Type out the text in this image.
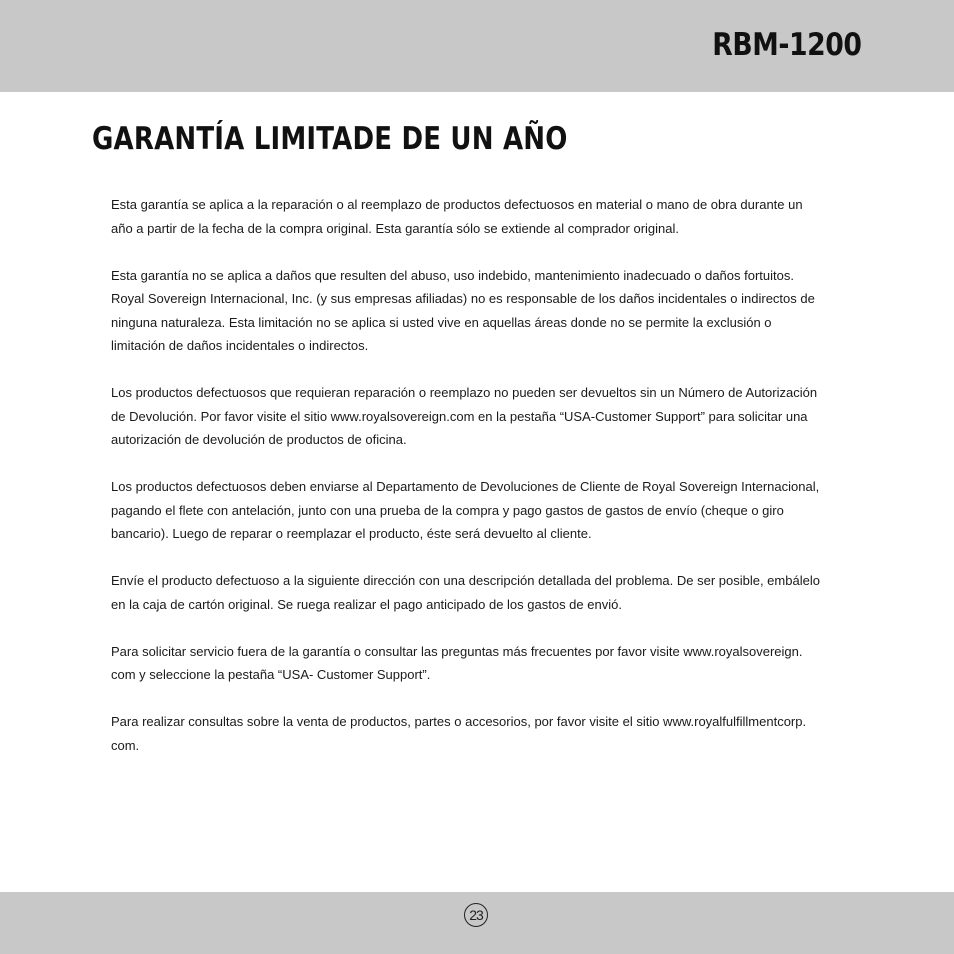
RBM-1200
GARANTÍA LIMITADE DE UN AÑO

Esta garantía se aplica a la reparación o al reemplazo de productos defectuosos en material o mano de obra durante un
año a partir de la fecha de la compra original. Esta garantía sólo se extiende al comprador original.

Esta garantía no se aplica a daños que resulten del abuso, uso indebido, mantenimiento inadecuado o daños fortuitos.
Royal Sovereign Internacional, Inc. (y sus empresas afiliadas) no es responsable de los daños incidentales o indirectos de
ninguna naturaleza. Esta limitación no se aplica si usted vive en aquellas áreas donde no se permite la exclusión o
limitación de daños incidentales o indirectos.

Los productos defectuosos que requieran reparación o reemplazo no pueden ser devueltos sin un Número de Autorización
de Devolución. Por favor visite el sitio www.royalsovereign.com en la pestaña “USA-Customer Support” para solicitar una
autorización de devolución de productos de oficina.

Los productos defectuosos deben enviarse al Departamento de Devoluciones de Cliente de Royal Sovereign Internacional,
pagando el flete con antelación, junto con una prueba de la compra y pago gastos de gastos de envío (cheque o giro
bancario). Luego de reparar o reemplazar el producto, éste será devuelto al cliente.

Envíe el producto defectuoso a la siguiente dirección con una descripción detallada del problema. De ser posible, embálelo
en la caja de cartón original. Se ruega realizar el pago anticipado de los gastos de envió.

Para solicitar servicio fuera de la garantía o consultar las preguntas más frecuentes por favor visite www.royalsovereign.
com y seleccione la pestaña “USA- Customer Support”.

Para realizar consultas sobre la venta de productos, partes o accesorios, por favor visite el sitio www.royalfulfillmentcorp.
com.

23
